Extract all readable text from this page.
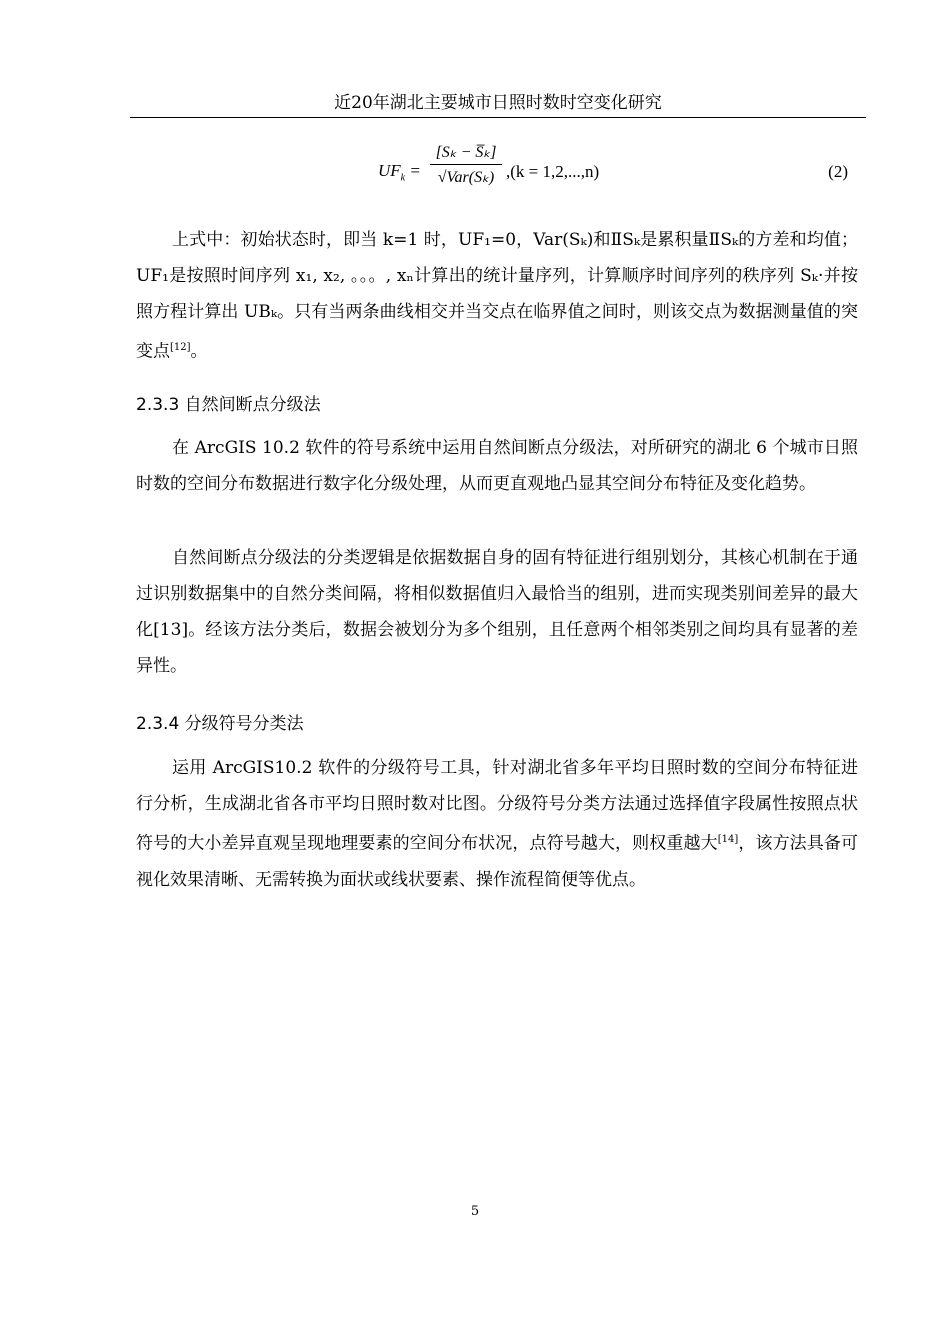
近20年湖北主要城市日照时数时空变化研究
$UF_k$ =
[Sₖ − S̅ₖ]
√Var(Sₖ) ,(k = 1,2,...,n)	(2)

上式中：初始状态时，即当 k=1 时，UF₁=0，Var(Sₖ)和ⅡSₖ是累积量ⅡSₖ的方差和均值；UF₁是按照时间序列 x₁, x₂, 。。。, xₙ计算出的统计量序列，计算顺序时间序列的秩序列 Sₖ·并按照方程计算出 UBₖ。只有当两条曲线相交并当交点在临界值之间时，则该交点为数据测量值的突变点[12]。

2.3.3 自然间断点分级法

在 ArcGIS 10.2 软件的符号系统中运用自然间断点分级法，对所研究的湖北 6 个城市日照时数的空间分布数据进行数字化分级处理，从而更直观地凸显其空间分布特征及变化趋势。

自然间断点分级法的分类逻辑是依据数据自身的固有特征进行组别划分，其核心机制在于通过识别数据集中的自然分类间隔，将相似数据值归入最恰当的组别，进而实现类别间差异的最大化[13]。经该方法分类后，数据会被划分为多个组别，且任意两个相邻类别之间均具有显著的差异性。

2.3.4 分级符号分类法

运用 ArcGIS10.2 软件的分级符号工具，针对湖北省多年平均日照时数的空间分布特征进行分析，生成湖北省各市平均日照时数对比图。分级符号分类方法通过选择值字段属性按照点状符号的大小差异直观呈现地理要素的空间分布状况，点符号越大，则权重越大[14]，该方法具备可视化效果清晰、无需转换为面状或线状要素、操作流程简便等优点。

5
